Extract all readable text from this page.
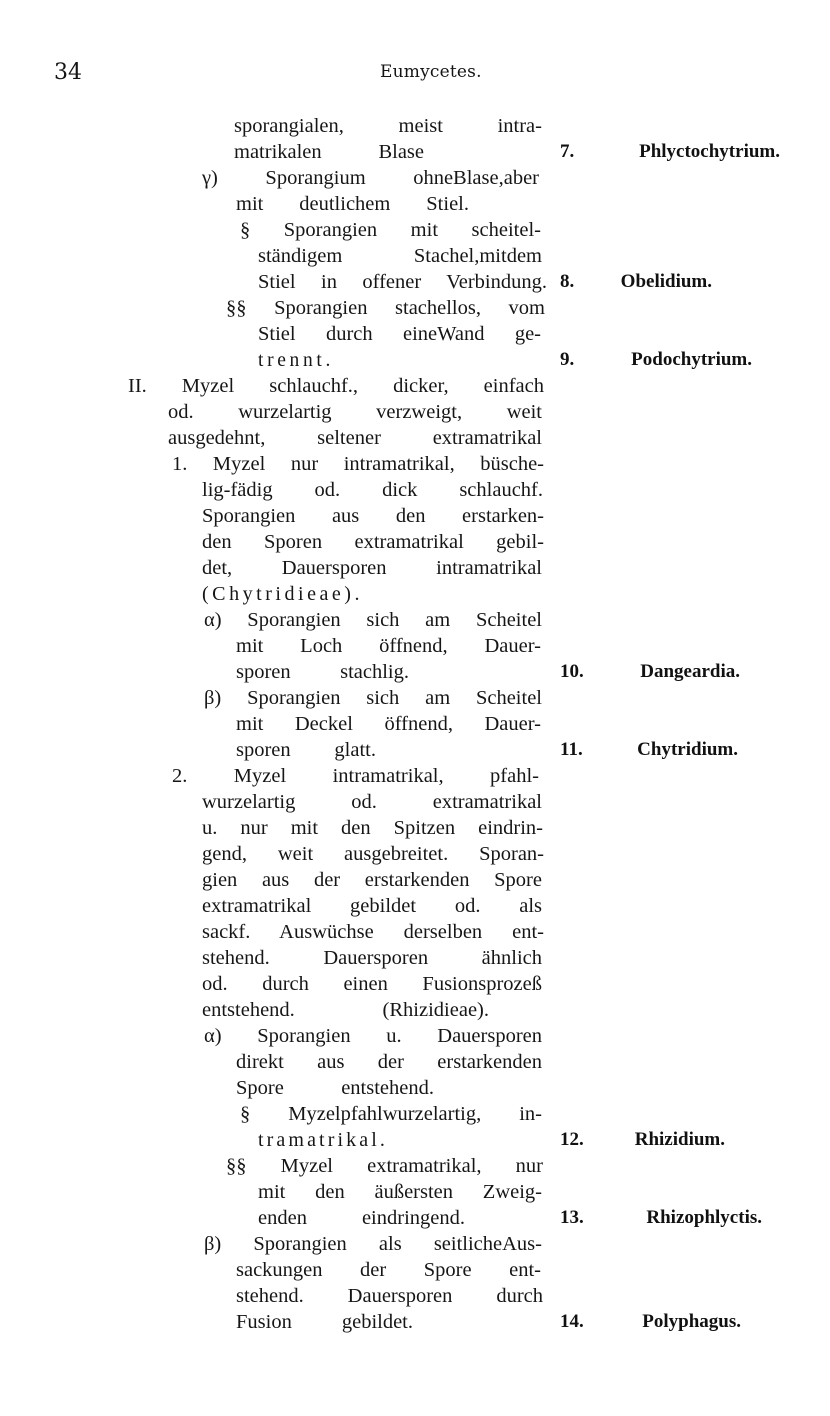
34	Eumycetes.
sporangialen, meist intra-
matrikalen Blase
γ) Sporangium ohneBlase,aber
mit deutlichem Stiel.
§ Sporangien mit scheitel-
ständigem Stachel,mitdem
Stiel in offener Verbindung.
§§ Sporangien stachellos, vom
Stiel durch eineWand ge-
trennt.
II. Myzel schlauchf., dicker, einfach
od. wurzelartig verzweigt, weit
ausgedehnt, seltener extramatrikal
1. Myzel nur intramatrikal, büsche-
lig-fädig od. dick schlauchf.
Sporangien aus den erstarken-
den Sporen extramatrikal gebil-
det, Dauersporen intramatrikal
(Chytridieae).
α) Sporangien sich am Scheitel
mit Loch öffnend, Dauer-
sporen stachlig.
β) Sporangien sich am Scheitel
mit Deckel öffnend, Dauer-
sporen glatt.
2. Myzel intramatrikal, pfahl-
wurzelartig od. extramatrikal
u. nur mit den Spitzen eindrin-
gend, weit ausgebreitet. Sporan-
gien aus der erstarkenden Spore
extramatrikal gebildet od. als
sackf. Auswüchse derselben ent-
stehend. Dauersporen ähnlich
od. durch einen Fusionsprozeß
entstehend. (Rhizidieae).
α) Sporangien u. Dauersporen
direkt aus der erstarkenden
Spore entstehend.
§ Myzelpfahlwurzelartig, in-
tramatrikal.
§§ Myzel extramatrikal, nur
mit den äußersten Zweig-
enden eindringend.
β) Sporangien als seitlicheAus-
sackungen der Spore ent-
stehend. Dauersporen durch
Fusion gebildet.
7. Phlyctochytrium.
8. Obelidium.
9. Podochytrium.
10. Dangeardia.
11. Chytridium.
12. Rhizidium.
13. Rhizophlyctis.
14. Polyphagus.
